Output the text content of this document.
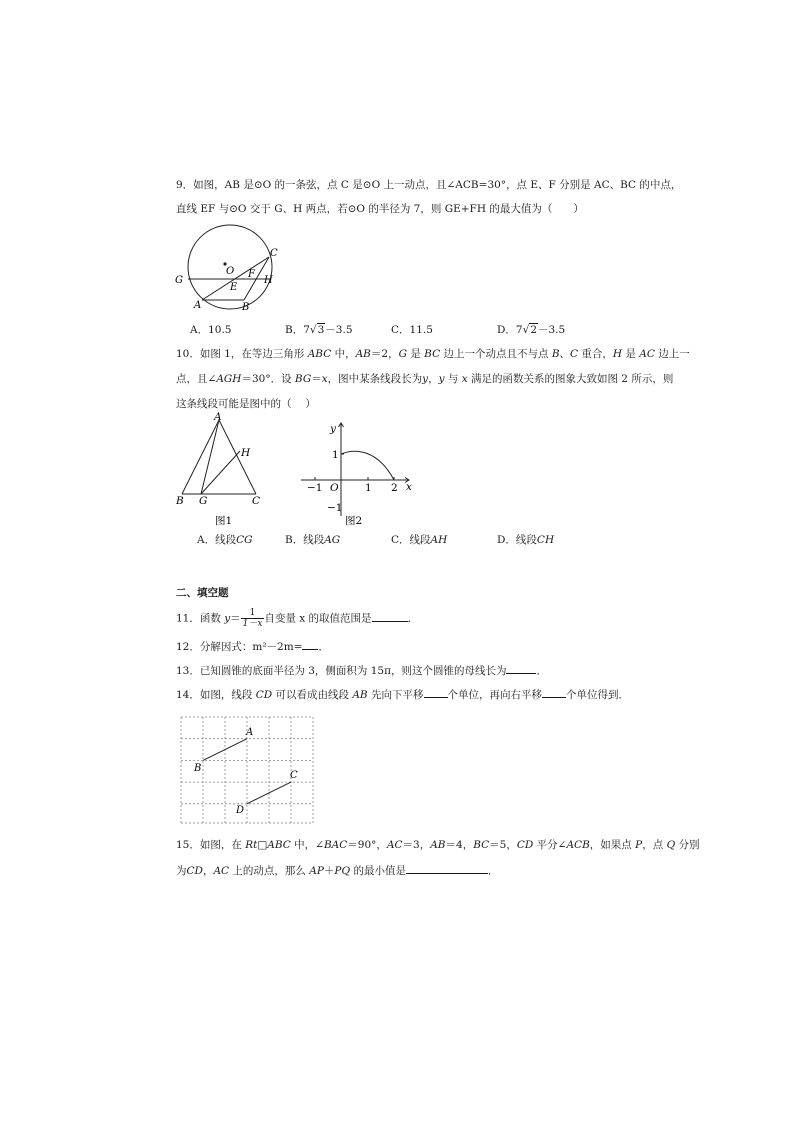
9．如图，AB 是⊙O 的一条弦，点 C 是⊙O 上一动点，且∠ACB=30°，点 E、F 分别是 AC、BC 的中点，
直线 EF 与⊙O 交于 G、H 两点，若⊙O 的半径为 7，则 GE+FH 的最大值为（　　）
C
O F
G	H
E
A	B
A．10.5	B．7√3－3.5	C．11.5	D．7√2－3.5
10．如图 1，在等边三角形 ABC 中，AB＝2，G 是 BC 边上一个动点且不与点 B、C 重合，H 是 AC 边上一
点，且∠AGH＝30°．设 BG＝x，图中某条线段长为y，y 与 x 满足的函数关系的图象大致如图 2 所示，则
这条线段可能是图中的（　 ）
A
H
B G	C
图1
y
1
−1 O	1 2 x
−1
图2
A．线段CG	B．线段AG	C．线段AH	D．线段CH
二、填空题
11．函数 $y= \frac{1}{1-x}$ 自变量 x 的取值范围是	．
12．分解因式：m²－2m= ．
13．已知圆锥的底面半径为 3，侧面积为 15π，则这个圆锥的母线长为	．
14．如图，线段 CD 可以看成由线段 AB 先向下平移 个单位，再向右平移 个单位得到．
A
B
C
D
15．如图，在 Rt□ABC 中，∠BAC＝90°，AC＝3，AB＝4，BC＝5，CD 平分∠ACB，如果点 P，点 Q 分别
为CD，AC 上的动点，那么 AP＋PQ 的最小值是	．
